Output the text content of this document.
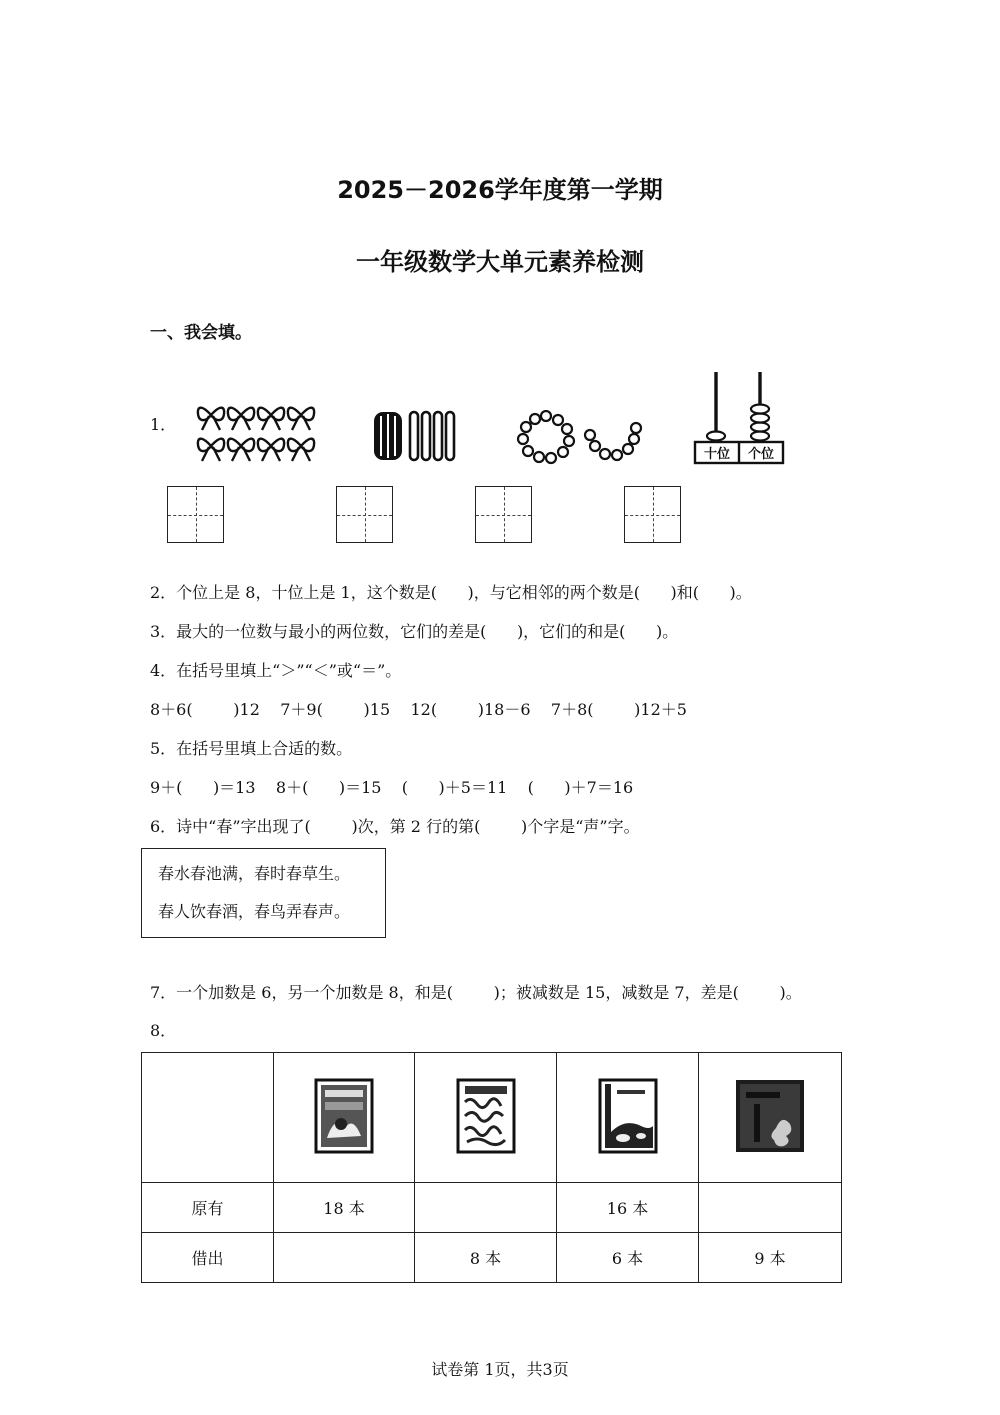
2025－2026学年度第一学期
一年级数学大单元素养检测
一、我会填。
1．
十位 个位
2．个位上是 8，十位上是 1，这个数是(      )，与它相邻的两个数是(      )和(      )。
3．最大的一位数与最小的两位数，它们的差是(      )，它们的和是(      )。
4．在括号里填上“＞”“＜”或“＝”。
8＋6(        )12    7＋9(        )15    12(        )18－6    7＋8(        )12＋5
5．在括号里填上合适的数。
9＋(      )＝13    8＋(      )＝15    (      )＋5＝11    (      )＋7＝16
6．诗中“春”字出现了(        )次，第 2 行的第(        )个字是“声”字。
春水春池满，春时春草生。
春人饮春酒，春鸟弄春声。
7．一个加数是 6，另一个加数是 8，和是(        )；被减数是 15，减数是 7，差是(        )。
8．

原有	18 本		16 本	
借出		8 本	6 本	9 本
试卷第 1页，共3页
